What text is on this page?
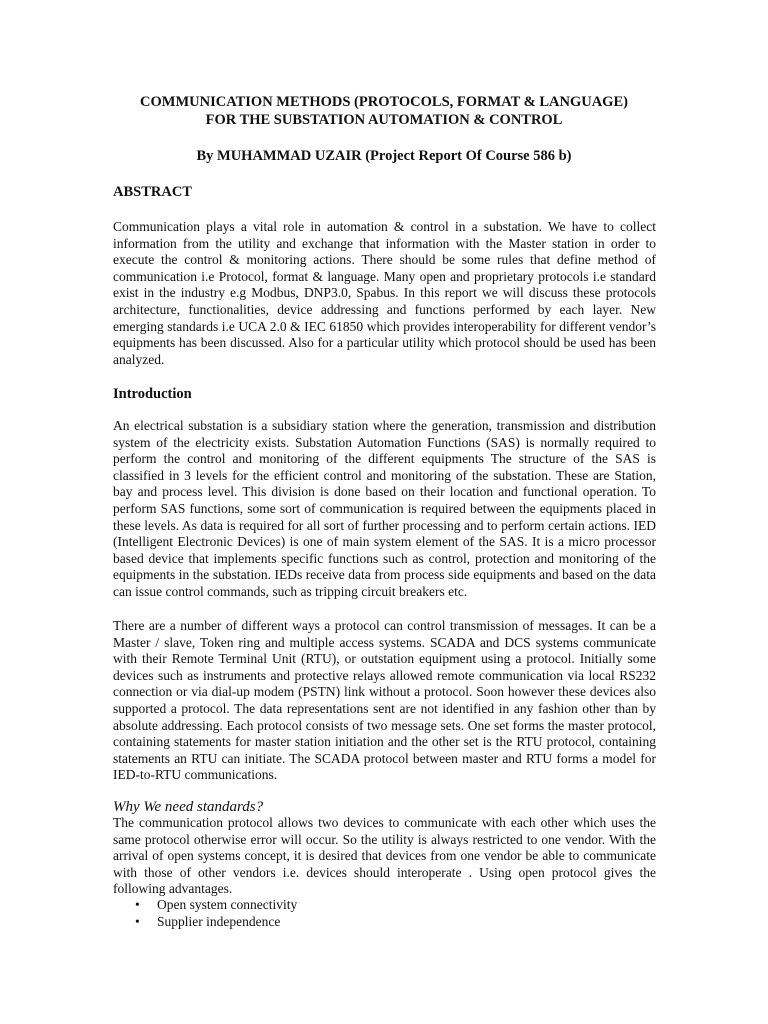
COMMUNICATION METHODS (PROTOCOLS, FORMAT & LANGUAGE)
FOR THE SUBSTATION AUTOMATION & CONTROL
By MUHAMMAD UZAIR (Project Report Of Course 586 b)
ABSTRACT
Communication plays a vital role in automation & control in a substation. We have to collect information from the utility and exchange that information with the Master station in order to execute the control & monitoring actions. There should be some rules that define method of communication i.e Protocol, format & language. Many open and proprietary protocols i.e standard exist in the industry e.g Modbus, DNP3.0, Spabus. In this report we will discuss these protocols architecture, functionalities, device addressing and functions performed by each layer. New emerging standards i.e UCA 2.0 & IEC 61850 which provides interoperability for different vendor’s equipments has been discussed. Also for a particular utility which protocol should be used has been analyzed.
Introduction
An electrical substation is a subsidiary station where the generation, transmission and distribution system of the electricity exists. Substation Automation Functions (SAS) is normally required to perform the control and monitoring of the different equipments The structure of the SAS is classified in 3 levels for the efficient control and monitoring of the substation. These are Station, bay and process level. This division is done based on their location and functional operation. To perform SAS functions, some sort of communication is required between the equipments placed in these levels. As data is required for all sort of further processing and to perform certain actions. IED (Intelligent Electronic Devices) is one of main system element of the SAS. It is a micro processor based device that implements specific functions such as control, protection and monitoring of the equipments in the substation. IEDs receive data from process side equipments and based on the data can issue control commands, such as tripping circuit breakers etc.
There are a number of different ways a protocol can control transmission of messages. It can be a Master / slave, Token ring and multiple access systems. SCADA and DCS systems communicate with their Remote Terminal Unit (RTU), or outstation equipment using a protocol. Initially some devices such as instruments and protective relays allowed remote communication via local RS232 connection or via dial-up modem (PSTN) link without a protocol. Soon however these devices also supported a protocol. The data representations sent are not identified in any fashion other than by absolute addressing. Each protocol consists of two message sets. One set forms the master protocol, containing statements for master station initiation and the other set is the RTU protocol, containing statements an RTU can initiate. The SCADA protocol between master and RTU forms a model for IED-to-RTU communications.
Why We need standards?
The communication protocol allows two devices to communicate with each other which uses the same protocol otherwise error will occur. So the utility is always restricted to one vendor. With the arrival of open systems concept, it is desired that devices from one vendor be able to communicate with those of other vendors i.e. devices should interoperate . Using open protocol gives the following advantages.
• Open system connectivity
• Supplier independence
